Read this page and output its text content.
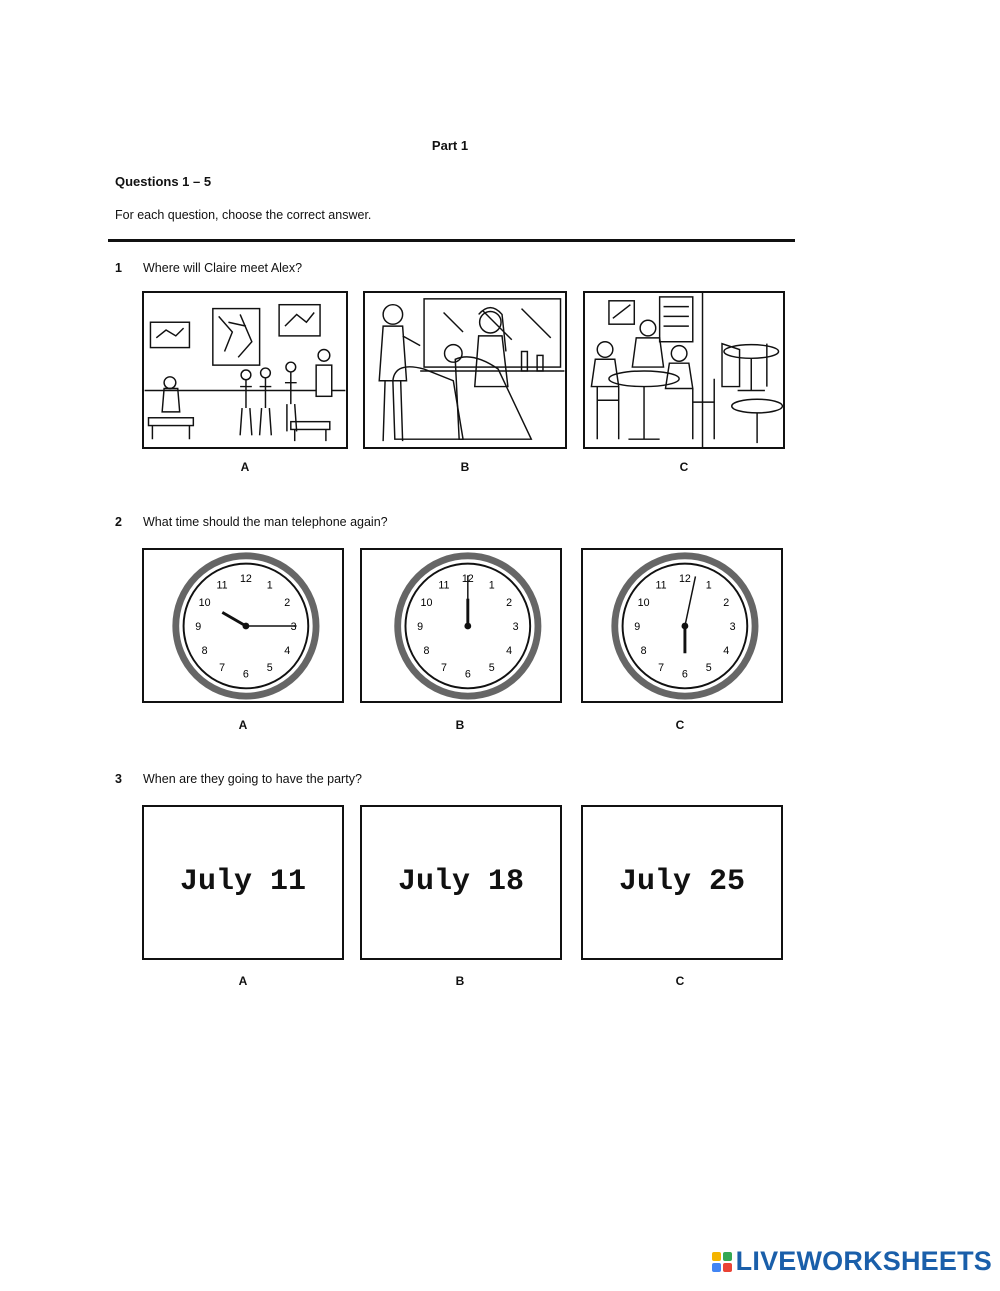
Part 1
Questions 1 – 5
For each question, choose the correct answer.
1 Where will Claire meet Alex?
A	B	C
2 What time should the man telephone again?
12
1
2
3
4
5
6
7
8
9
10
11
12
1
2
3
4
5
6
7
8
9
10
11
12
1
2
3
4
5
6
7
8
9
10
11
A	B	C
3 When are they going to have the party?
July 11	July 18	July 25
A	B	C
LIVEWORKSHEETS
